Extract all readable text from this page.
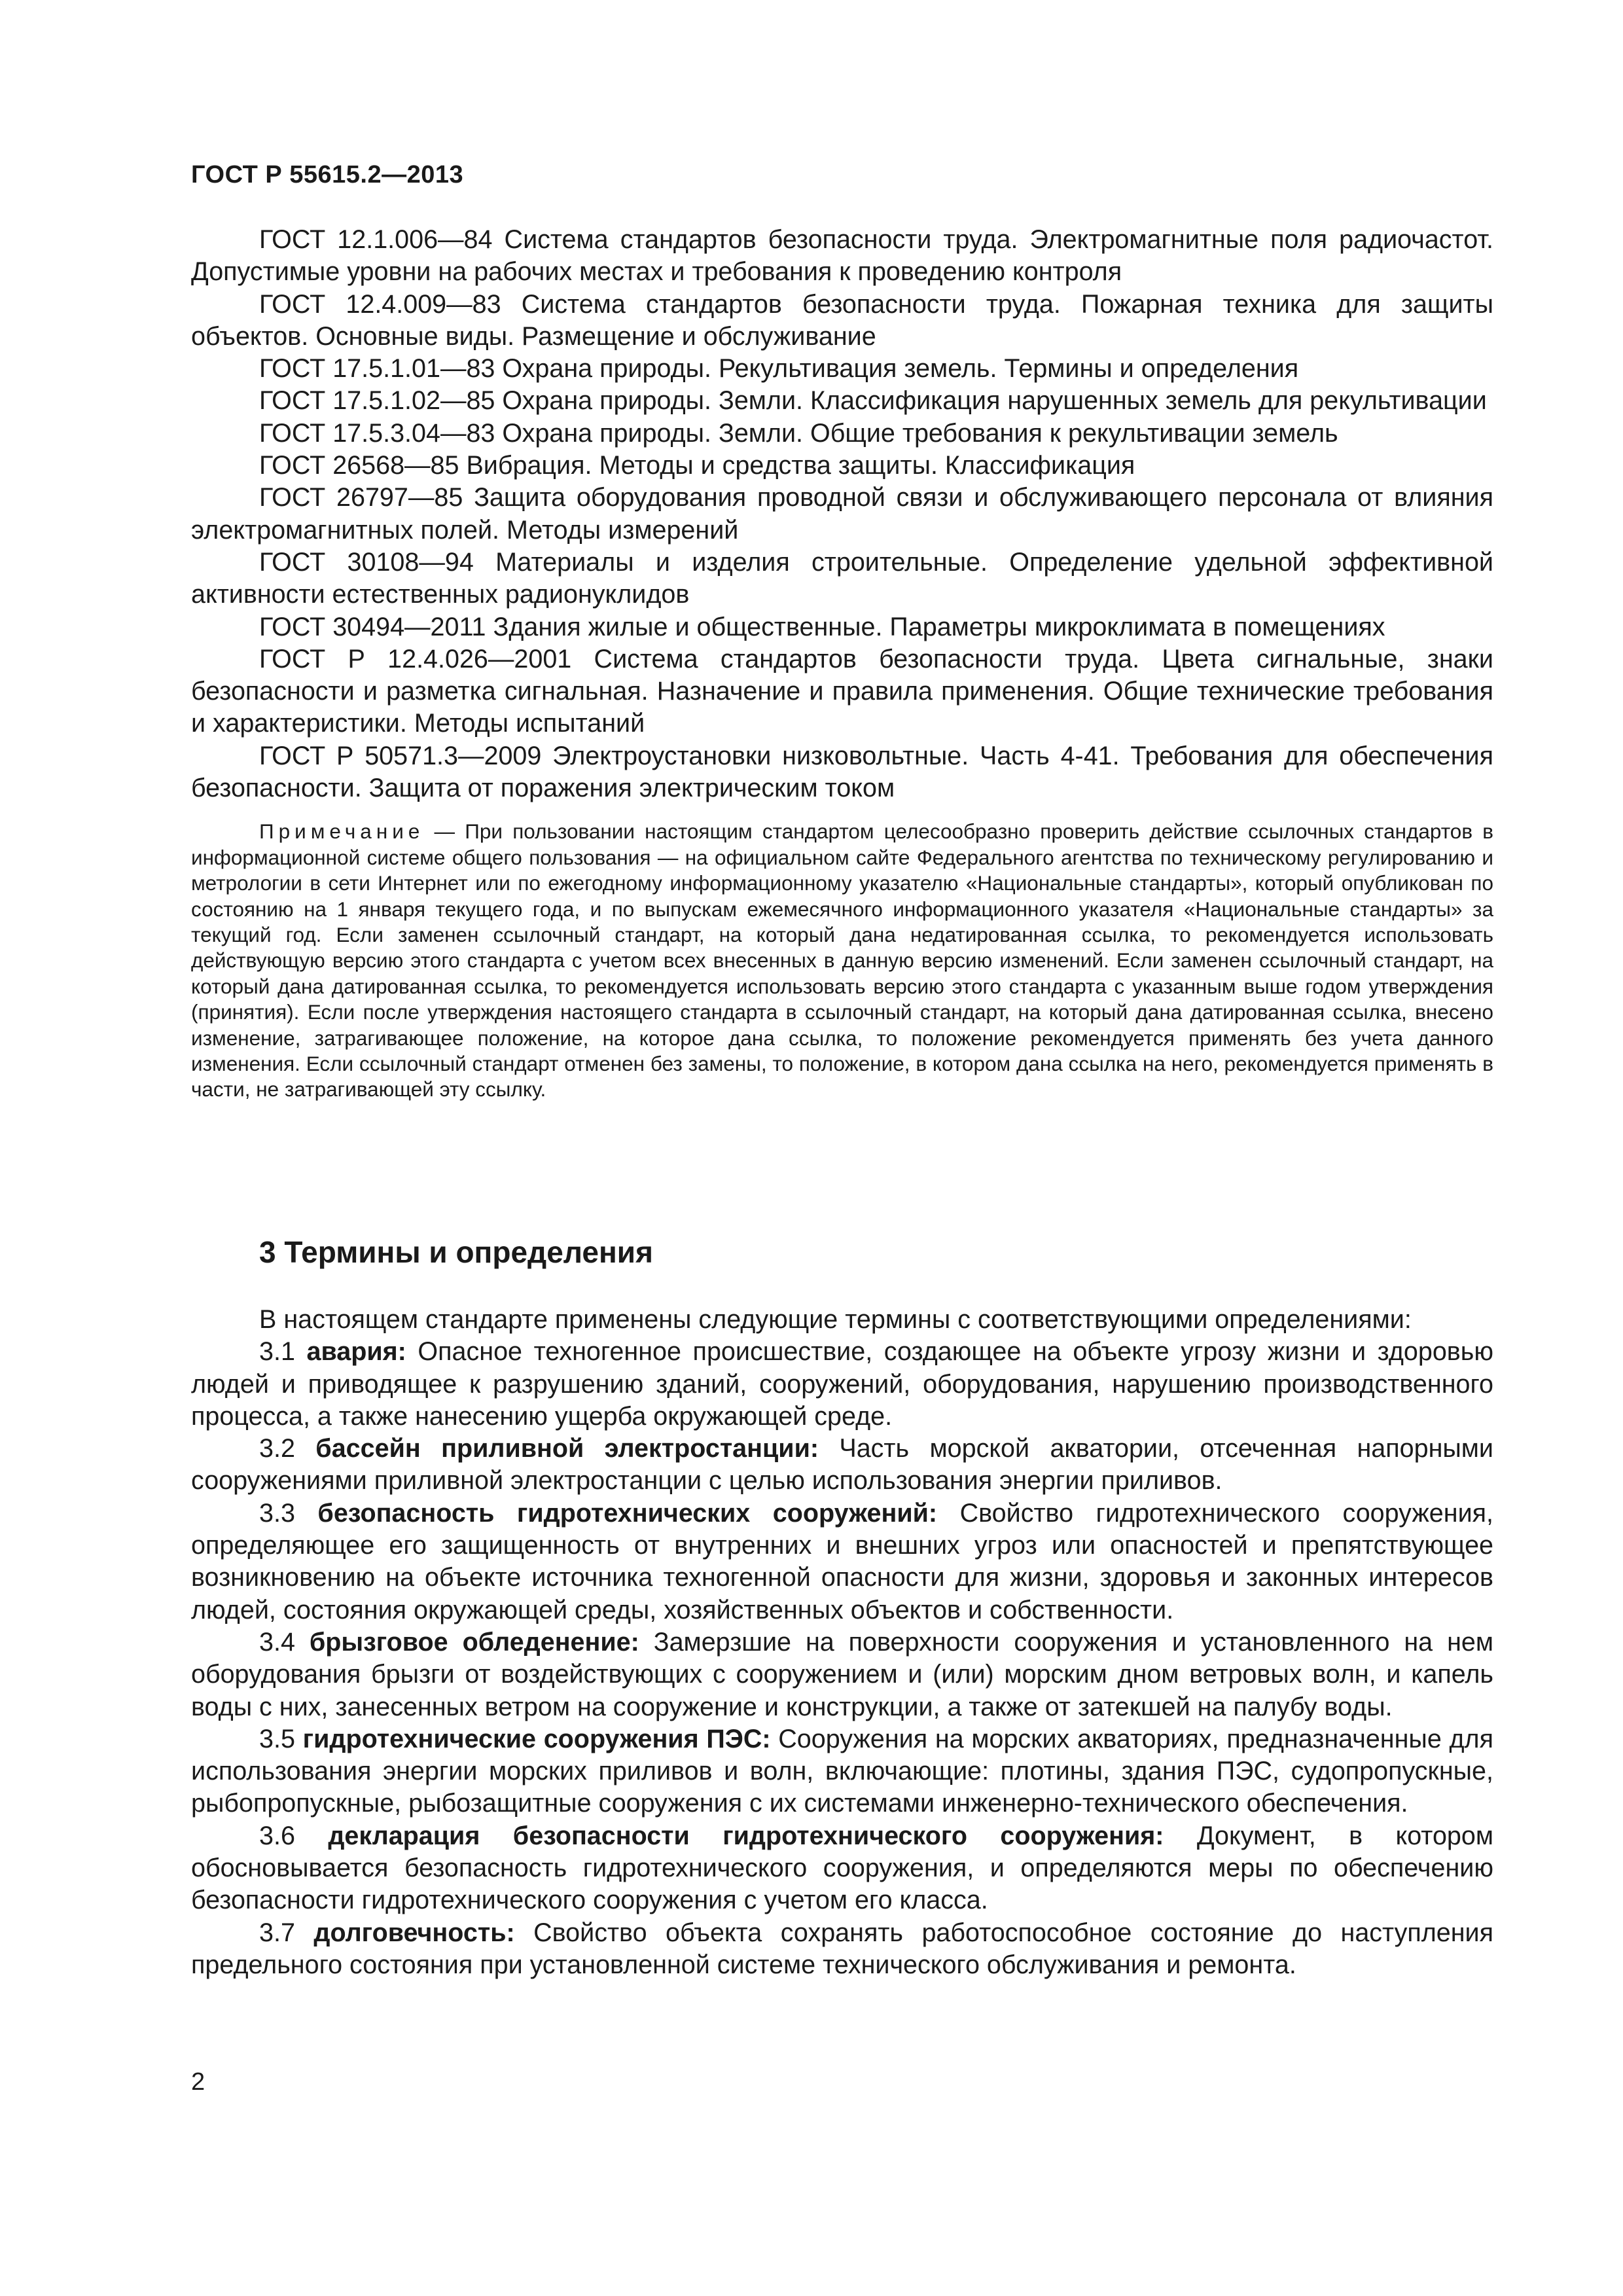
ГОСТ Р 55615.2—2013

ГОСТ 12.1.006—84 Система стандартов безопасности труда. Электромагнитные поля радиочастот. Допустимые уровни на рабочих местах и требования к проведению контроля

ГОСТ 12.4.009—83 Система стандартов безопасности труда. Пожарная техника для защиты объектов. Основные виды. Размещение и обслуживание

ГОСТ 17.5.1.01—83 Охрана природы. Рекультивация земель. Термины и определения

ГОСТ 17.5.1.02—85 Охрана природы. Земли. Классификация нарушенных земель для рекультивации

ГОСТ 17.5.3.04—83 Охрана природы. Земли. Общие требования к рекультивации земель

ГОСТ 26568—85 Вибрация. Методы и средства защиты. Классификация

ГОСТ 26797—85 Защита оборудования проводной связи и обслуживающего персонала от влияния электромагнитных полей. Методы измерений

ГОСТ 30108—94 Материалы и изделия строительные. Определение удельной эффективной активности естественных радионуклидов

ГОСТ 30494—2011 Здания жилые и общественные. Параметры микроклимата в помещениях

ГОСТ Р 12.4.026—2001 Система стандартов безопасности труда. Цвета сигнальные, знаки безопасности и разметка сигнальная. Назначение и правила применения. Общие технические требования и характеристики. Методы испытаний

ГОСТ Р 50571.3—2009 Электроустановки низковольтные. Часть 4-41. Требования для обеспечения безопасности. Защита от поражения электрическим током

Примечание — При пользовании настоящим стандартом целесообразно проверить действие ссылочных стандартов в информационной системе общего пользования — на официальном сайте Федерального агентства по техническому регулированию и метрологии в сети Интернет или по ежегодному информационному указателю «Национальные стандарты», который опубликован по состоянию на 1 января текущего года, и по выпускам ежемесячного информационного указателя «Национальные стандарты» за текущий год. Если заменен ссылочный стандарт, на который дана недатированная ссылка, то рекомендуется использовать действующую версию этого стандарта с учетом всех внесенных в данную версию изменений. Если заменен ссылочный стандарт, на который дана датированная ссылка, то рекомендуется использовать версию этого стандарта с указанным выше годом утверждения (принятия). Если после утверждения настоящего стандарта в ссылочный стандарт, на который дана датированная ссылка, внесено изменение, затрагивающее положение, на которое дана ссылка, то положение рекомендуется применять без учета данного изменения. Если ссылочный стандарт отменен без замены, то положение, в котором дана ссылка на него, рекомендуется применять в части, не затрагивающей эту ссылку.

3 Термины и определения

В настоящем стандарте применены следующие термины с соответствующими определениями:

3.1 авария: Опасное техногенное происшествие, создающее на объекте угрозу жизни и здоровью людей и приводящее к разрушению зданий, сооружений, оборудования, нарушению производственного процесса, а также нанесению ущерба окружающей среде.

3.2 бассейн приливной электростанции: Часть морской акватории, отсеченная напорными сооружениями приливной электростанции с целью использования энергии приливов.

3.3 безопасность гидротехнических сооружений: Свойство гидротехнического сооружения, определяющее его защищенность от внутренних и внешних угроз или опасностей и препятствующее возникновению на объекте источника техногенной опасности для жизни, здоровья и законных интересов людей, состояния окружающей среды, хозяйственных объектов и собственности.

3.4 брызговое обледенение: Замерзшие на поверхности сооружения и установленного на нем оборудования брызги от воздействующих с сооружением и (или) морским дном ветровых волн, и капель воды с них, занесенных ветром на сооружение и конструкции, а также от затекшей на палубу воды.

3.5 гидротехнические сооружения ПЭС: Сооружения на морских акваториях, предназначенные для использования энергии морских приливов и волн, включающие: плотины, здания ПЭС, судопропускные, рыбопропускные, рыбозащитные сооружения с их системами инженерно-технического обеспечения.

3.6 декларация безопасности гидротехнического сооружения: Документ, в котором обосновывается безопасность гидротехнического сооружения, и определяются меры по обеспечению безопасности гидротехнического сооружения с учетом его класса.

3.7 долговечность: Свойство объекта сохранять работоспособное состояние до наступления предельного состояния при установленной системе технического обслуживания и ремонта.

2
